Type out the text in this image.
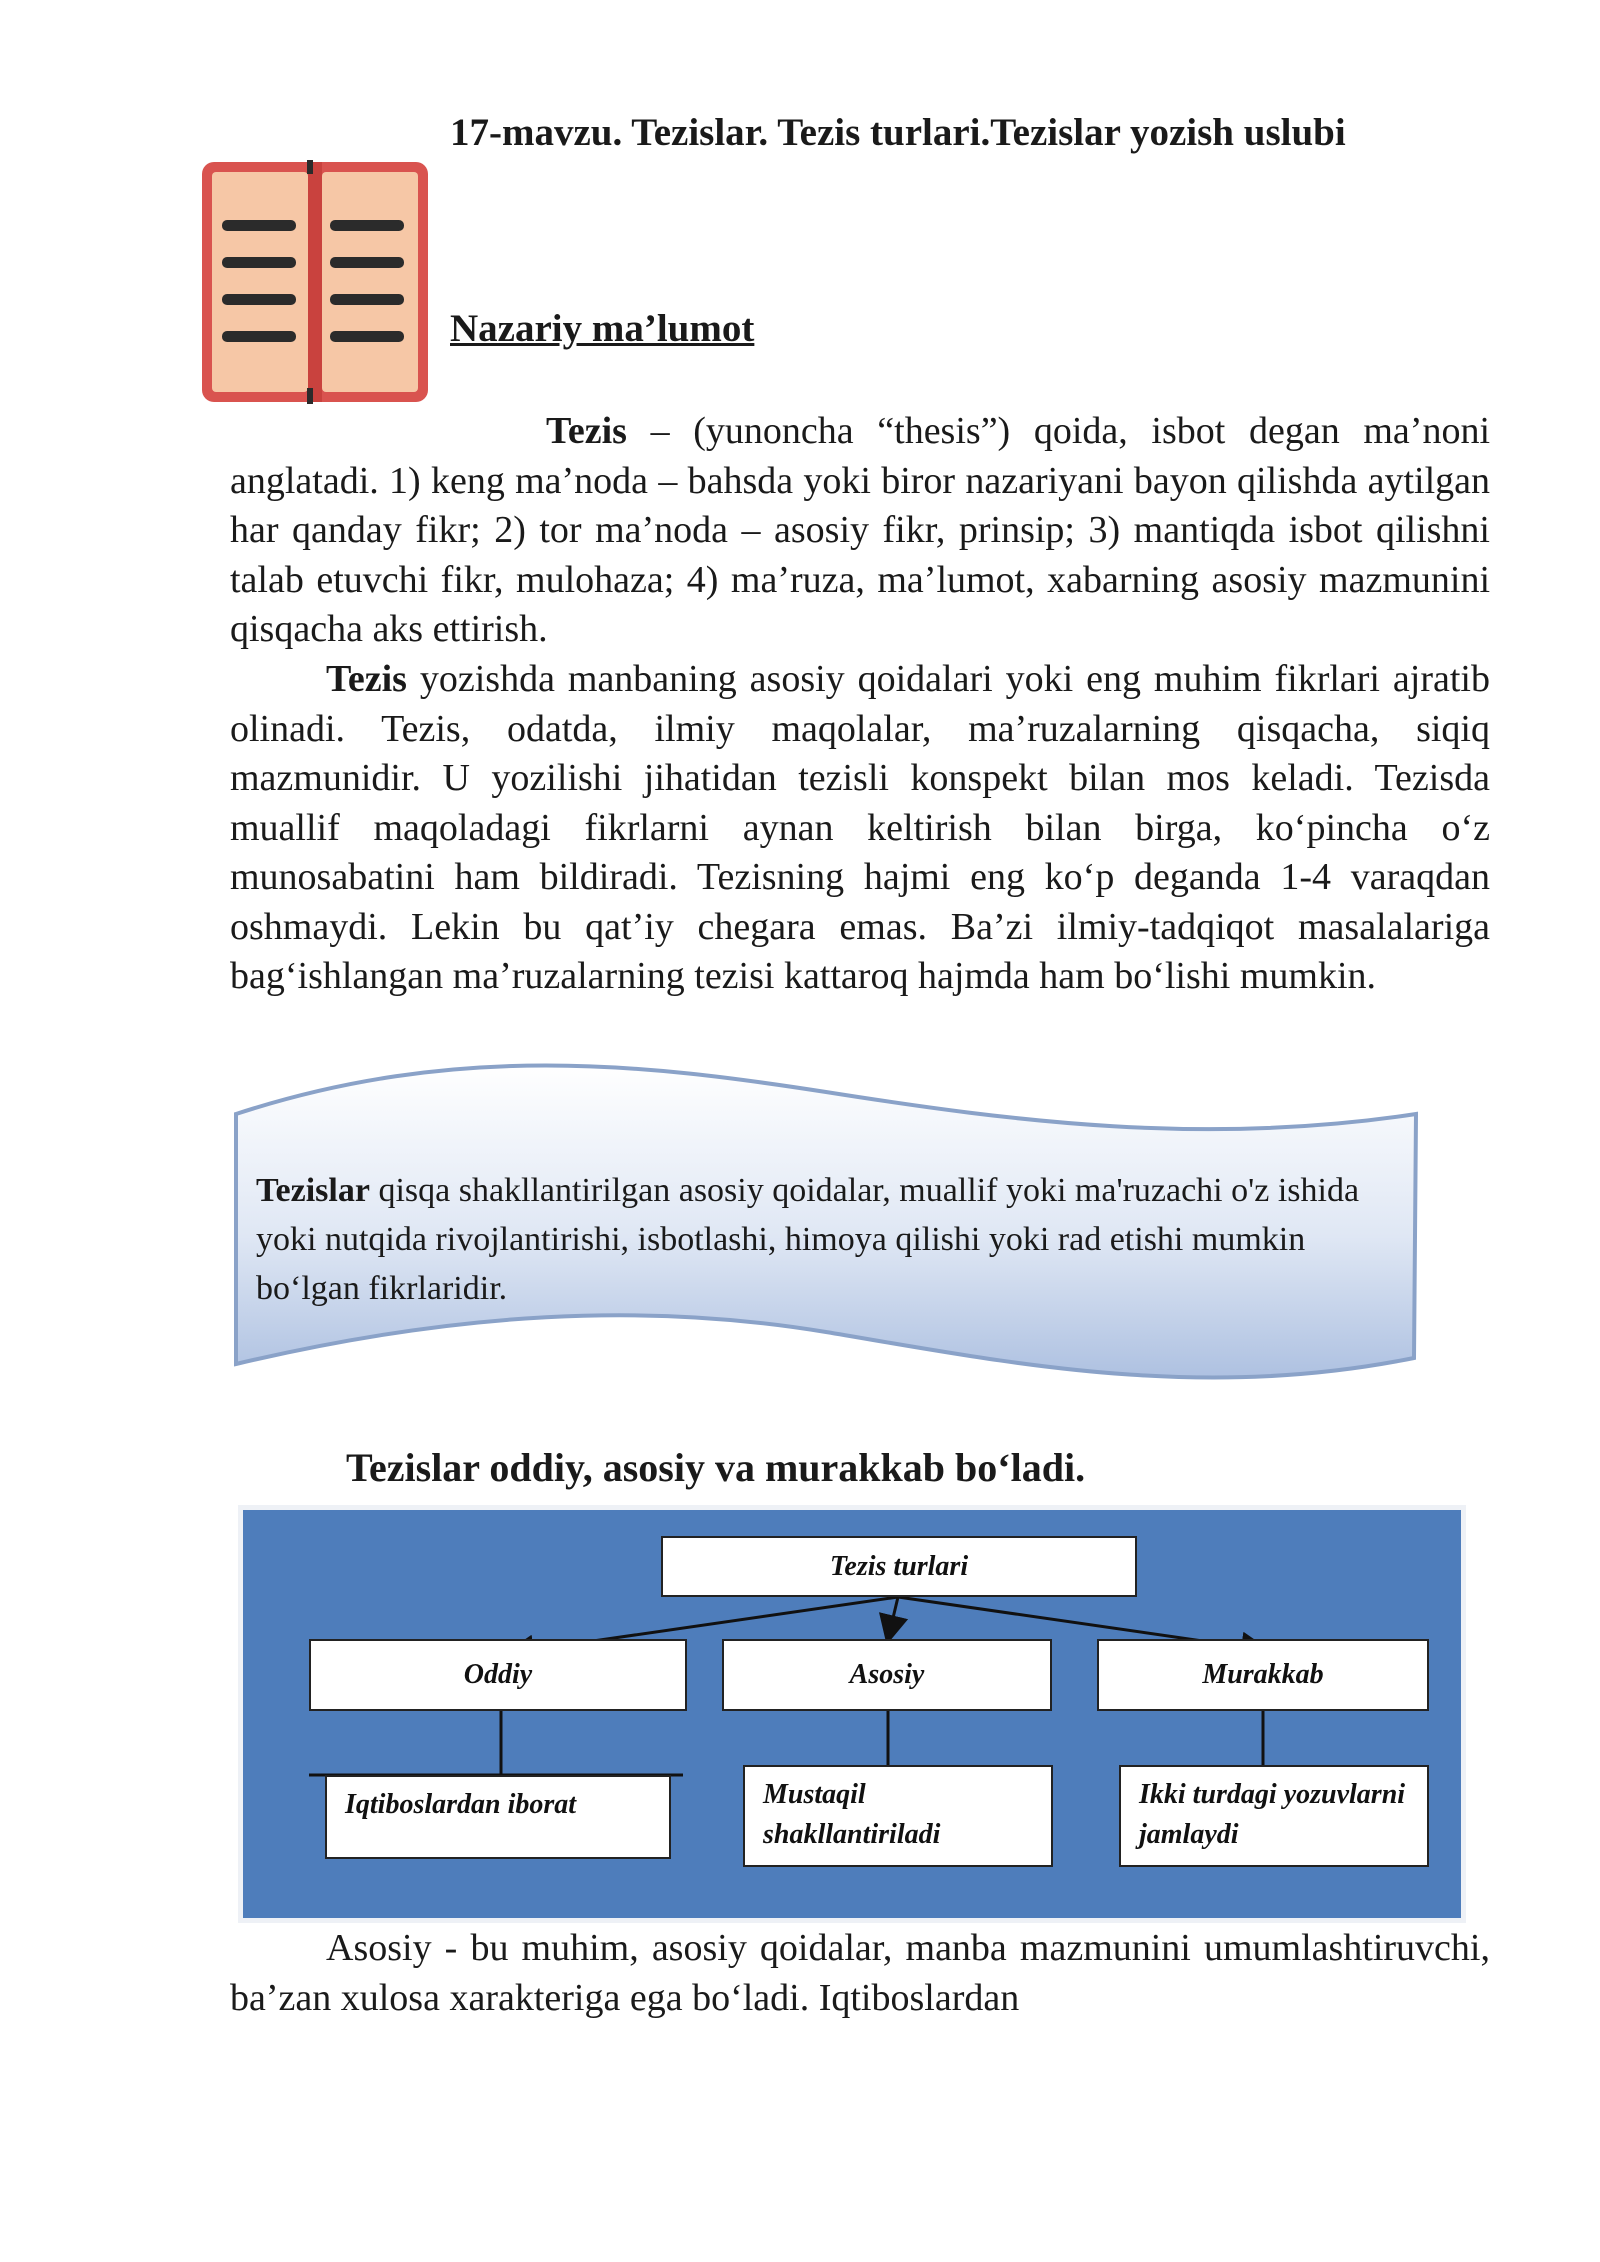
17-mavzu. Tezislar. Tezis turlari.Tezislar yozish uslubi
Nazariy ma’lumot
Tezis – (yunoncha “thesis”) qoida, isbot degan ma’noni anglatadi. 1) keng ma’noda – bahsda yoki biror nazariyani bayon qilishda aytilgan har qanday fikr; 2) tor ma’noda – asosiy fikr, prinsip; 3) mantiqda isbot qilishni talab etuvchi fikr, mulohaza; 4) ma’ruza, ma’lumot, xabarning asosiy mazmunini qisqacha aks ettirish.
Tezis yozishda manbaning asosiy qoidalari yoki eng muhim fikrlari ajratib olinadi. Tezis, odatda, ilmiy maqolalar, ma’ruzalarning qisqacha, siqiq mazmunidir. U yozilishi jihatidan tezisli konspekt bilan mos keladi. Tezisda muallif maqoladagi fikrlarni aynan keltirish bilan birga, ko‘pincha o‘z munosabatini ham bildiradi. Tezisning hajmi eng ko‘p deganda 1-4 varaqdan oshmaydi. Lekin bu qat’iy chegara emas. Ba’zi ilmiy-tadqiqot masalalariga bag‘ishlangan ma’ruzalarning tezisi kattaroq hajmda ham bo‘lishi mumkin.
Tezislar qisqa shakllantirilgan asosiy qoidalar, muallif yoki ma'ruzachi o'z ishida yoki nutqida rivojlantirishi, isbotlashi, himoya qilishi yoki rad etishi mumkin bo‘lgan fikrlaridir.
Tezislar oddiy, asosiy va murakkab bo‘ladi.
Tezis turlari
Oddiy	Asosiy	Murakkab
Iqtiboslardan iborat	Mustaqil shakllantiriladi
Ikki turdagi yozuvlarni jamlaydi
Asosiy - bu muhim, asosiy qoidalar, manba mazmunini umumlashtiruvchi, ba’zan xulosa xarakteriga ega bo‘ladi. Iqtiboslardan
